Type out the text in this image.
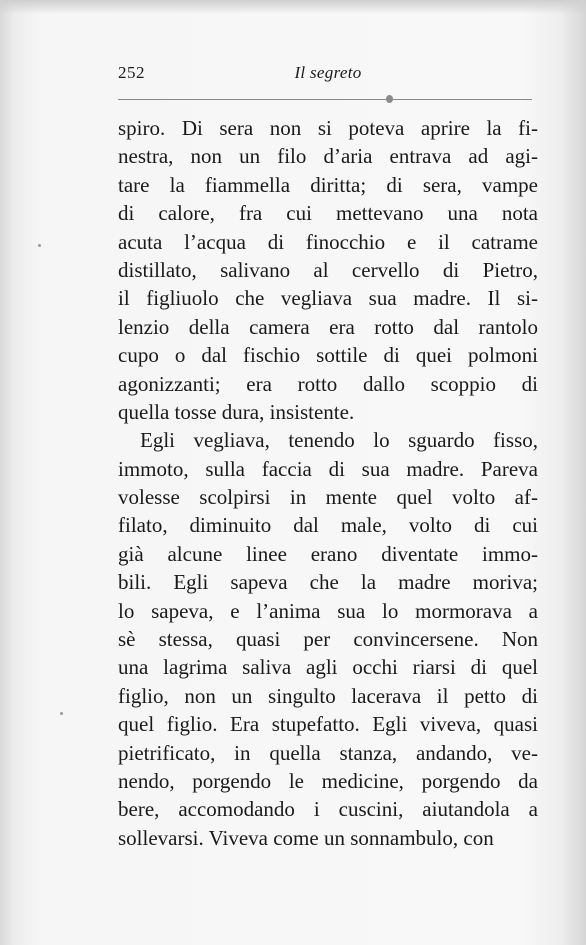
252	Il segreto
spiro. Di sera non si poteva aprire la fi-
nestra, non un filo d’aria entrava ad agi-
tare la fiammella diritta; di sera, vampe
di calore, fra cui mettevano una nota
acuta l’acqua di finocchio e il catrame
distillato, salivano al cervello di Pietro,
il figliuolo che vegliava sua madre. Il si-
lenzio della camera era rotto dal rantolo
cupo o dal fischio sottile di quei polmoni
agonizzanti; era rotto dallo scoppio di
quella tosse dura, insistente.
Egli vegliava, tenendo lo sguardo fisso,
immoto, sulla faccia di sua madre. Pareva
volesse scolpirsi in mente quel volto af-
filato, diminuito dal male, volto di cui
già alcune linee erano diventate immo-
bili. Egli sapeva che la madre moriva;
lo sapeva, e l’anima sua lo mormorava a
sè stessa, quasi per convincersene. Non
una lagrima saliva agli occhi riarsi di quel
figlio, non un singulto lacerava il petto di
quel figlio. Era stupefatto. Egli viveva, quasi
pietrificato, in quella stanza, andando, ve-
nendo, porgendo le medicine, porgendo da
bere, accomodando i cuscini, aiutandola a
sollevarsi. Viveva come un sonnambulo, con
